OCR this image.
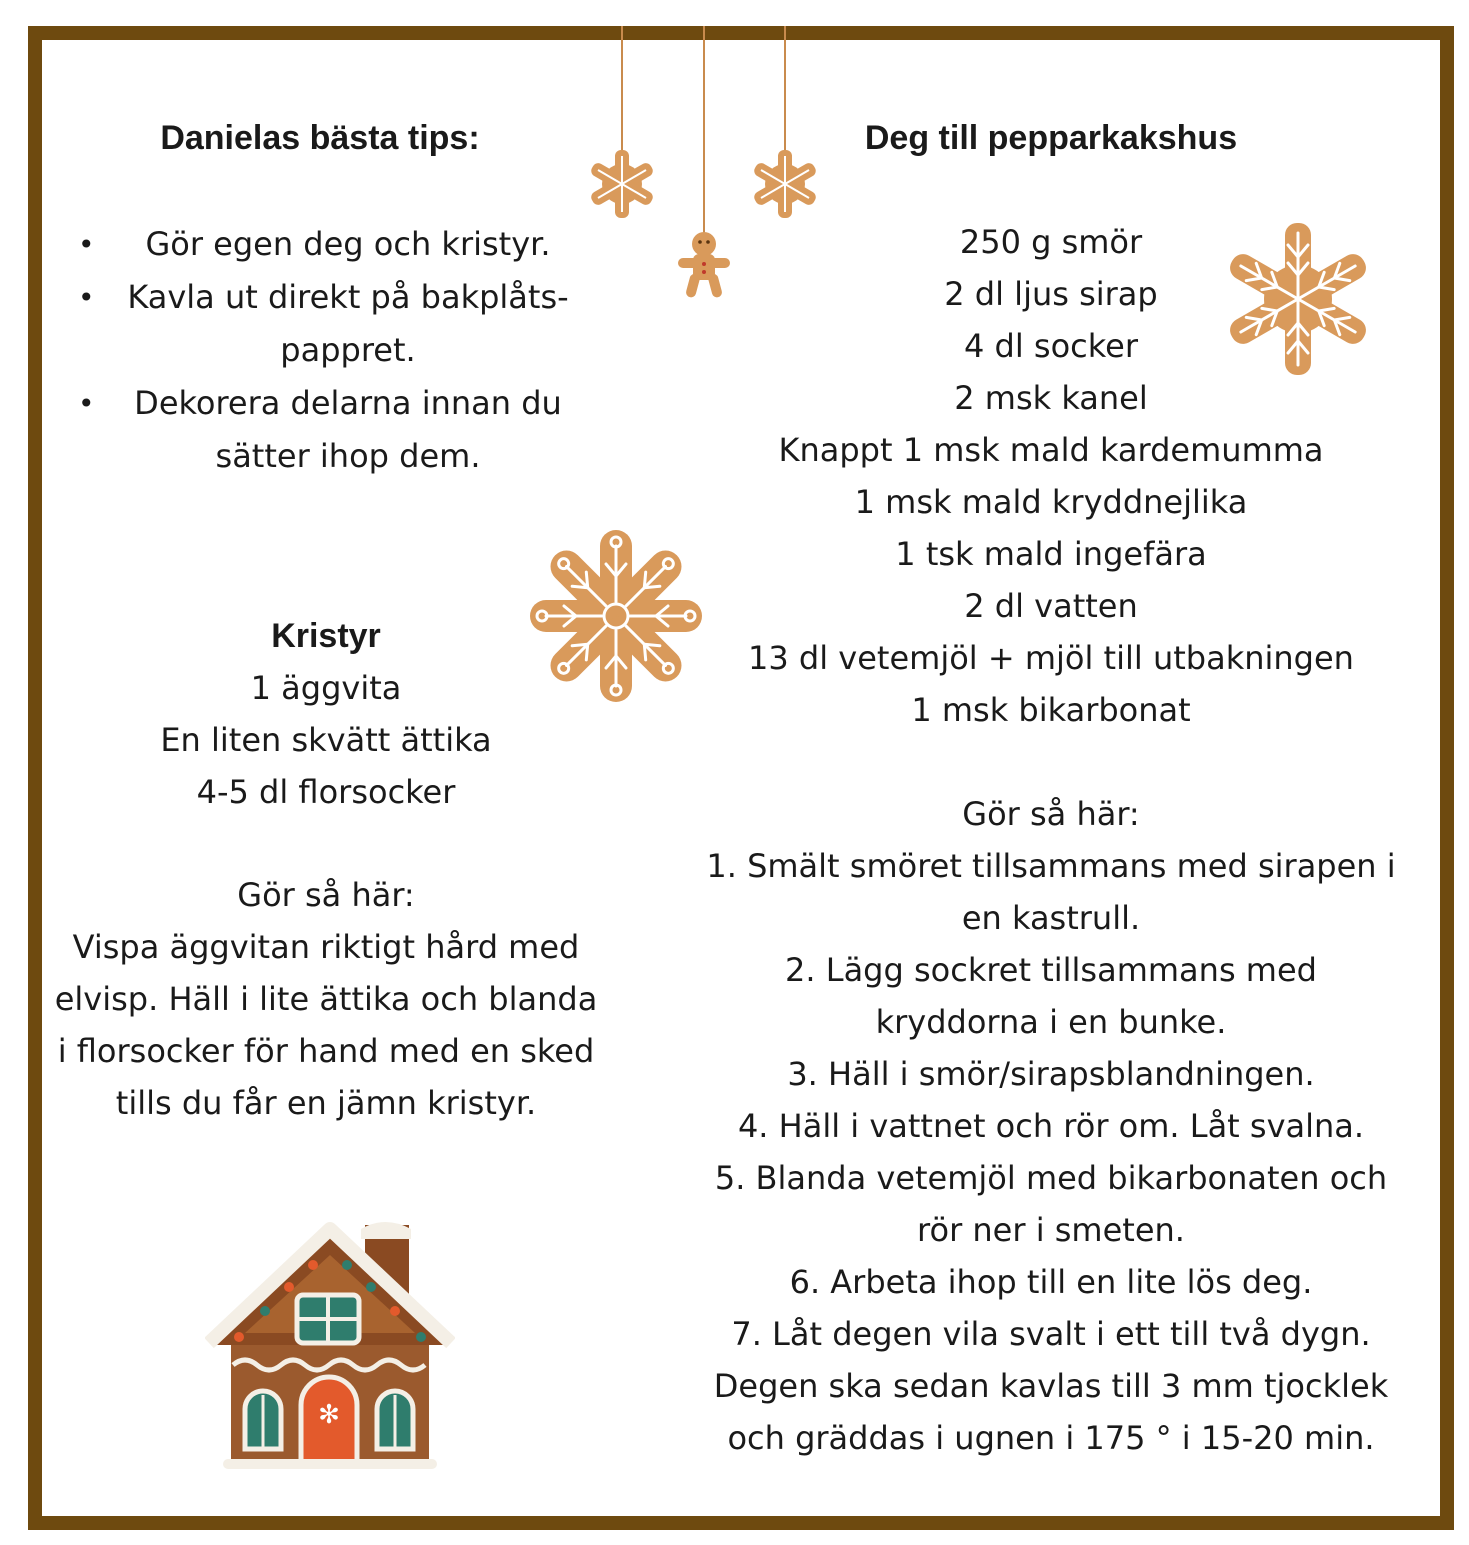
✻
Danielas bästa tips:
• Gör egen deg och kristyr.
• Kavla ut direkt på bakplåts-pappret.
• Dekorera delarna innan du sätter ihop dem.
Kristyr
1 äggvita
En liten skvätt ättika
4-5 dl florsocker
Gör så här:
Vispa äggvitan riktigt hård med elvisp. Häll i lite ättika och blanda i florsocker för hand med en sked tills du får en jämn kristyr.
Deg till pepparkakshus
250 g smör
2 dl ljus sirap
4 dl socker
2 msk kanel
Knappt 1 msk mald kardemumma
1 msk mald kryddnejlika
1 tsk mald ingefära
2 dl vatten
13 dl vetemjöl + mjöl till utbakningen
1 msk bikarbonat
Gör så här:
1. Smält smöret tillsammans med sirapen i en kastrull.
2. Lägg sockret tillsammans med kryddorna i en bunke.
3. Häll i smör/sirapsblandningen.
4. Häll i vattnet och rör om. Låt svalna.
5. Blanda vetemjöl med bikarbonaten och rör ner i smeten.
6. Arbeta ihop till en lite lös deg.
7. Låt degen vila svalt i ett till två dygn.
Degen ska sedan kavlas till 3 mm tjocklek och gräddas i ugnen i 175 ° i 15-20 min.
